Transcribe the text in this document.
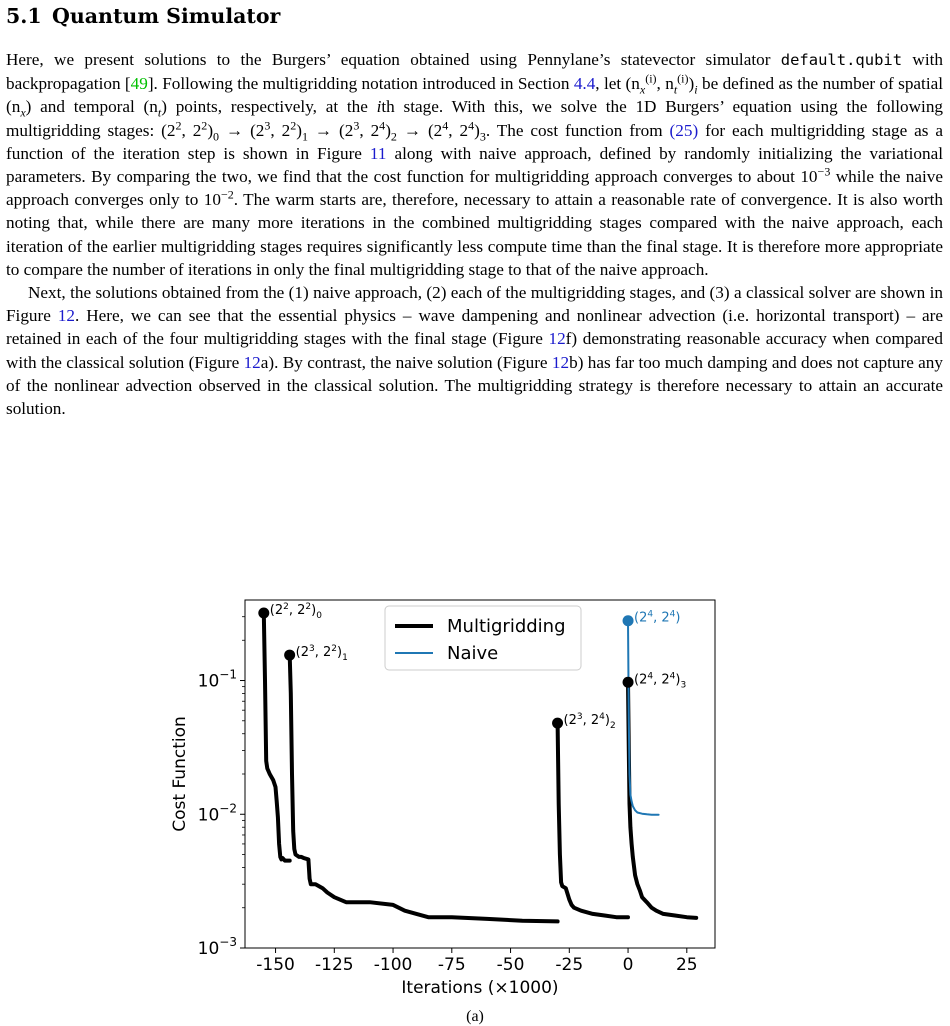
5.1 Quantum Simulator

Here, we present solutions to the Burgers’ equation obtained using Pennylane’s statevector simulator default.qubit with backpropagation [49]. Following the multigridding notation introduced in Section 4.4, let ($n_x^{(i)}$, $n_t^{(i)})_i$ be defined as the number of spatial $(n_x)$ and temporal $(n_t)$ points, respectively, at the ith stage. With this, we solve the 1D Burgers’ equation using the following multigridding stages: ($2^2$, $2^2)_0 \to (2^3$, $2^2)_1 \to (2^3$, $2^4)_2 \to (2^4$, $2^4)_3$. The cost function from (25) for each multigridding stage as a function of the iteration step is shown in Figure 11 along with naive approach, defined by randomly initializing the variational parameters. By comparing the two, we find that the cost function for multigridding approach converges to about $10^{-3}$ while the naive approach converges only to $10^{-2}$. The warm starts are, therefore, necessary to attain a reasonable rate of convergence. It is also worth noting that, while there are many more iterations in the combined multigridding stages compared with the naive approach, each iteration of the earlier multigridding stages requires significantly less compute time than the final stage. It is therefore more appropriate to compare the number of iterations in only the final multigridding stage to that of the naive approach.

Next, the solutions obtained from the (1) naive approach, (2) each of the multigridding stages, and (3) a classical solver are shown in Figure 12. Here, we can see that the essential physics – wave dampening and nonlinear advection (i.e. horizontal transport) – are retained in each of the four multigridding stages with the final stage (Figure 12f) demonstrating reasonable accuracy when compared with the classical solution (Figure 12a). By contrast, the naive solution (Figure 12b) has far too much damping and does not capture any of the nonlinear advection observed in the classical solution. The multigridding strategy is therefore necessary to attain an accurate solution.

Cost Function
($2^2$, $2^2)_0$
($2^3$, $2^2)_1$
($2^3$, $2^4)_2$
($2^4$, $2^4)_3$
($2^4$, $2^4$)
-150 -125 -100 -75 -50 -25 0	25
$10^{-3}$
$10^{-2}$
$10^{-1}$
Iterations (×1000)
Multigridding
Naive
(a)
